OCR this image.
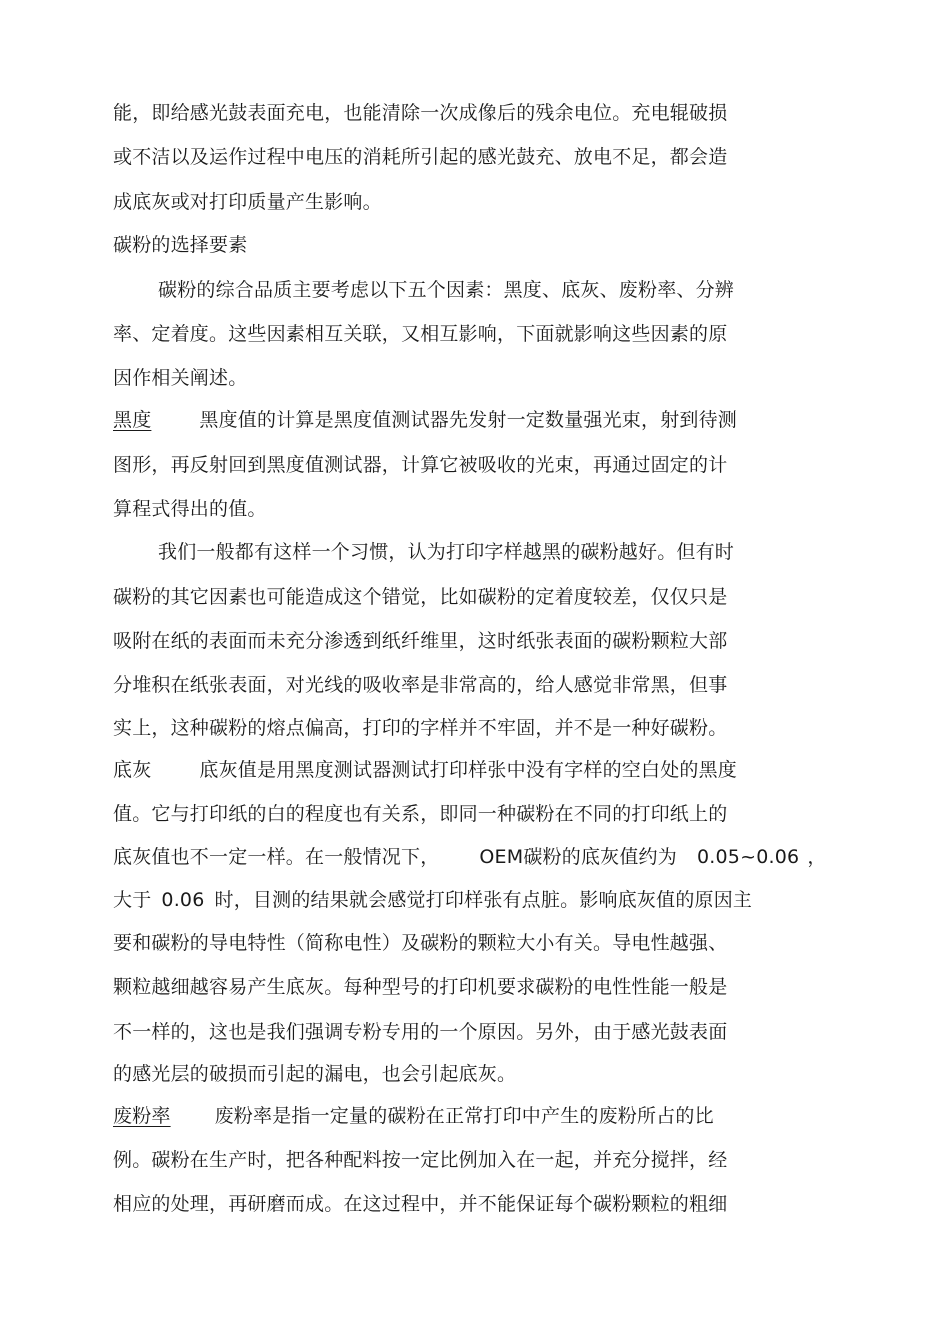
能，即给感光鼓表面充电，也能清除一次成像后的残余电位。充电辊破损
或不洁以及运作过程中电压的消耗所引起的感光鼓充、放电不足，都会造
成底灰或对打印质量产生影响。
碳粉的选择要素
碳粉的综合品质主要考虑以下五个因素：黑度、底灰、废粉率、分辨
率、定着度。这些因素相互关联，又相互影响，下面就影响这些因素的原
因作相关阐述。
黑度	黑度值的计算是黑度值测试器先发射一定数量强光束，射到待测
图形，再反射回到黑度值测试器，计算它被吸收的光束，再通过固定的计
算程式得出的值。
我们一般都有这样一个习惯，认为打印字样越黑的碳粉越好。但有时
碳粉的其它因素也可能造成这个错觉，比如碳粉的定着度较差，仅仅只是
吸附在纸的表面而未充分渗透到纸纤维里，这时纸张表面的碳粉颗粒大部
分堆积在纸张表面，对光线的吸收率是非常高的，给人感觉非常黑，但事
实上，这种碳粉的熔点偏高，打印的字样并不牢固，并不是一种好碳粉。
底灰	底灰值是用黑度测试器测试打印样张中没有字样的空白处的黑度
值。它与打印纸的白的程度也有关系，即同一种碳粉在不同的打印纸上的
底灰值也不一定一样。在一般情况下， OEM碳粉的底灰值约为 0.05~0.06 ，
大于 0.06 时，目测的结果就会感觉打印样张有点脏。影响底灰值的原因主
要和碳粉的导电特性（简称电性）及碳粉的颗粒大小有关。导电性越强、
颗粒越细越容易产生底灰。每种型号的打印机要求碳粉的电性性能一般是
不一样的，这也是我们强调专粉专用的一个原因。另外，由于感光鼓表面
的感光层的破损而引起的漏电，也会引起底灰。
废粉率 废粉率是指一定量的碳粉在正常打印中产生的废粉所占的比
例。碳粉在生产时，把各种配料按一定比例加入在一起，并充分搅拌，经
相应的处理，再研磨而成。在这过程中，并不能保证每个碳粉颗粒的粗细
